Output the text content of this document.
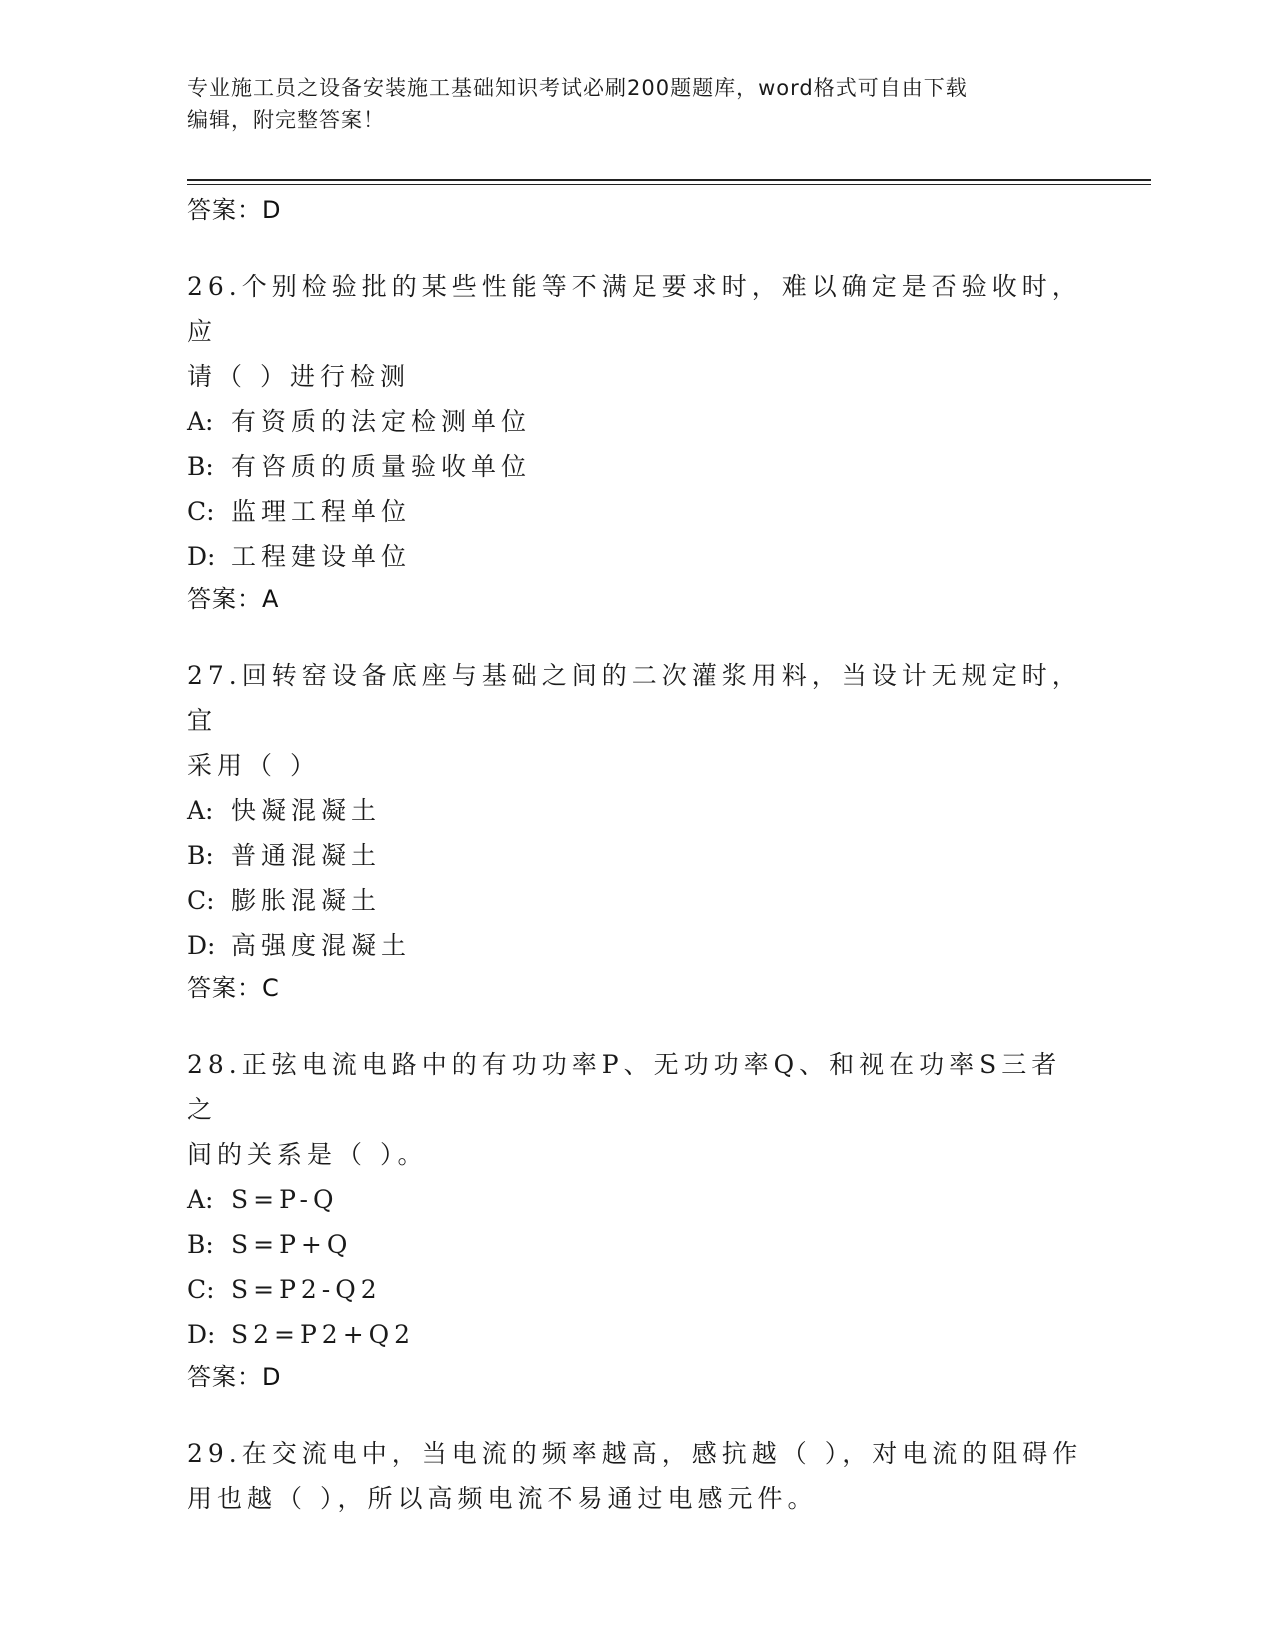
专业施工员之设备安装施工基础知识考试必刷200题题库，word格式可自由下载
编辑，附完整答案！
答案：D
26.个别检验批的某些性能等不满足要求时，难以确定是否验收时，应
请（ ）进行检测
A: 有资质的法定检测单位
B: 有咨质的质量验收单位
C: 监理工程单位
D: 工程建设单位
答案：A
27.回转窑设备底座与基础之间的二次灌浆用料，当设计无规定时，宜
采用（ ）
A: 快凝混凝土
B: 普通混凝土
C: 膨胀混凝土
D: 高强度混凝土
答案：C
28.正弦电流电路中的有功功率P、无功功率Q、和视在功率S三者之
间的关系是（ ）。
A: S=P-Q
B: S=P+Q
C: S=P2-Q2
D: S2=P2+Q2
答案：D
29.在交流电中，当电流的频率越高，感抗越（ ），对电流的阻碍作
用也越（ ），所以高频电流不易通过电感元件。
